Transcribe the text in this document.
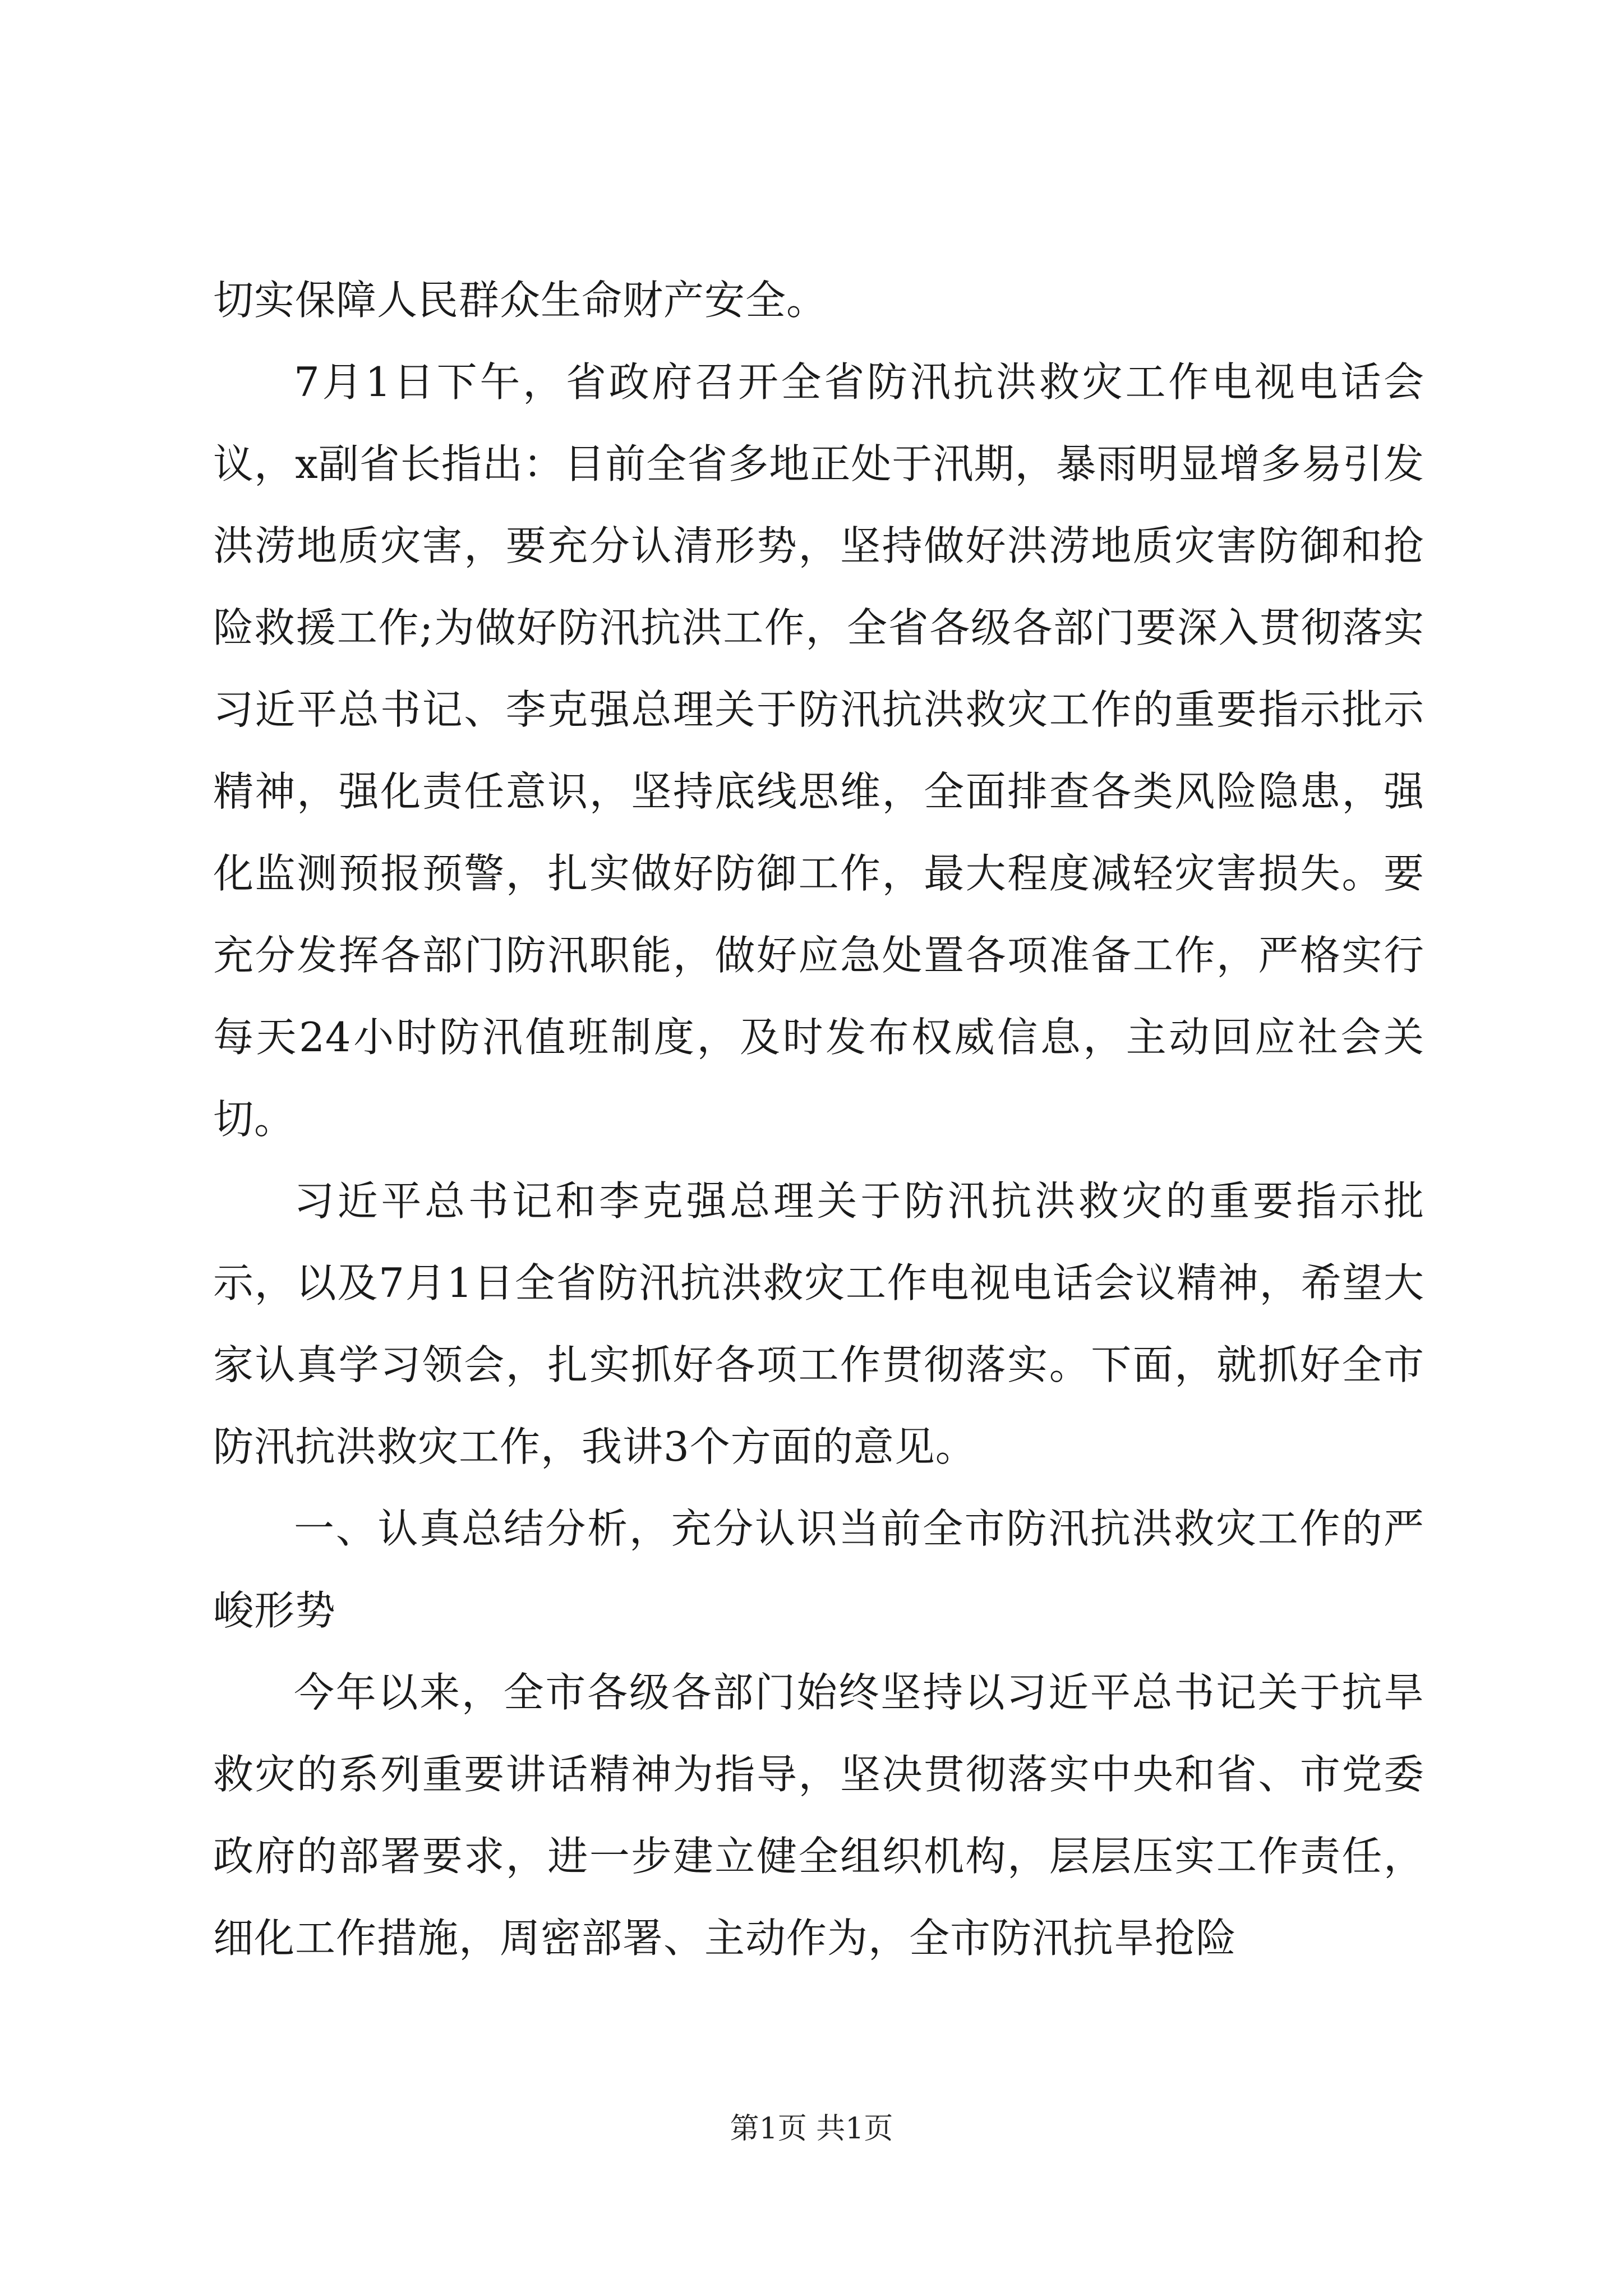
切实保障人民群众生命财产安全。

7月1日下午，省政府召开全省防汛抗洪救灾工作电视电话会议，x副省长指出：目前全省多地正处于汛期，暴雨明显增多易引发洪涝地质灾害，要充分认清形势，坚持做好洪涝地质灾害防御和抢险救援工作;为做好防汛抗洪工作，全省各级各部门要深入贯彻落实习近平总书记、李克强总理关于防汛抗洪救灾工作的重要指示批示精神，强化责任意识，坚持底线思维，全面排查各类风险隐患，强化监测预报预警，扎实做好防御工作，最大程度减轻灾害损失。要充分发挥各部门防汛职能，做好应急处置各项准备工作，严格实行每天24小时防汛值班制度，及时发布权威信息，主动回应社会关切。

习近平总书记和李克强总理关于防汛抗洪救灾的重要指示批示，以及7月1日全省防汛抗洪救灾工作电视电话会议精神，希望大家认真学习领会，扎实抓好各项工作贯彻落实。下面，就抓好全市防汛抗洪救灾工作，我讲3个方面的意见。

一、认真总结分析，充分认识当前全市防汛抗洪救灾工作的严峻形势

今年以来，全市各级各部门始终坚持以习近平总书记关于抗旱救灾的系列重要讲话精神为指导，坚决贯彻落实中央和省、市党委政府的部署要求，进一步建立健全组织机构，层层压实工作责任，细化工作措施，周密部署、主动作为，全市防汛抗旱抢险

第1页 共1页
